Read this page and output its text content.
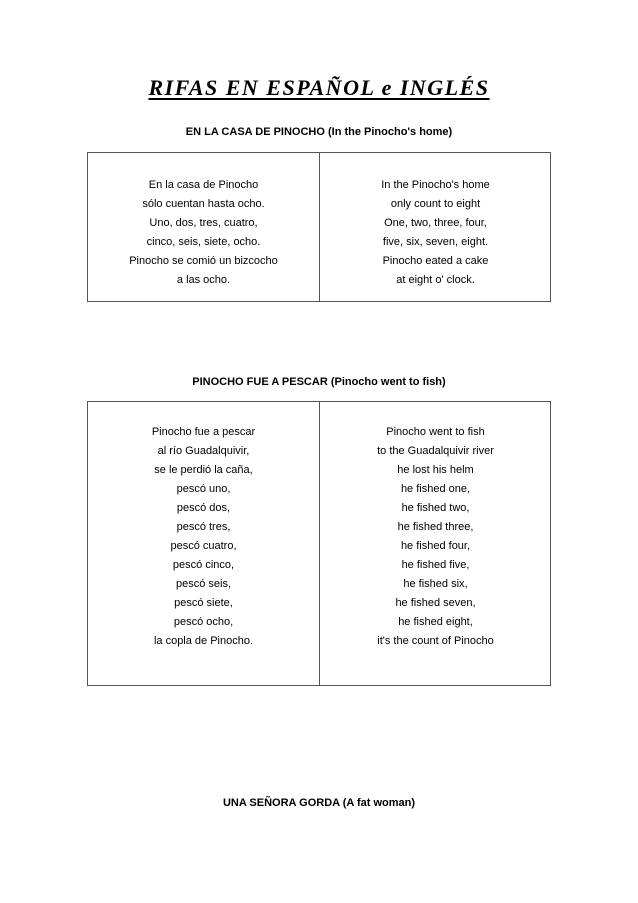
RIFAS EN ESPAÑOL e INGLÉS
EN LA CASA DE PINOCHO (In the Pinocho's home)
En la casa de Pinocho
sólo cuentan hasta ocho.
Uno, dos, tres, cuatro,
cinco, seis, siete, ocho.
Pinocho se comió un bizcocho
a las ocho.
In the Pinocho's home
only count to eight
One, two, three, four,
five, six, seven, eight.
Pinocho eated a cake
at eight o' clock.
PINOCHO FUE A PESCAR (Pinocho went to fish)
Pinocho fue a pescar
al río Guadalquivir,
se le perdió la caña,
pescó uno,
pescó dos,
pescó tres,
pescó cuatro,
pescó cinco,
pescó seis,
pescó siete,
pescó ocho,
la copla de Pinocho.
Pinocho went to fish
to the Guadalquivir river
he lost his helm
he fished one,
he fished two,
he fished three,
he fished four,
he fished five,
he fished six,
he fished seven,
he fished eight,
it's the count of Pinocho
UNA SEÑORA GORDA (A fat woman)
